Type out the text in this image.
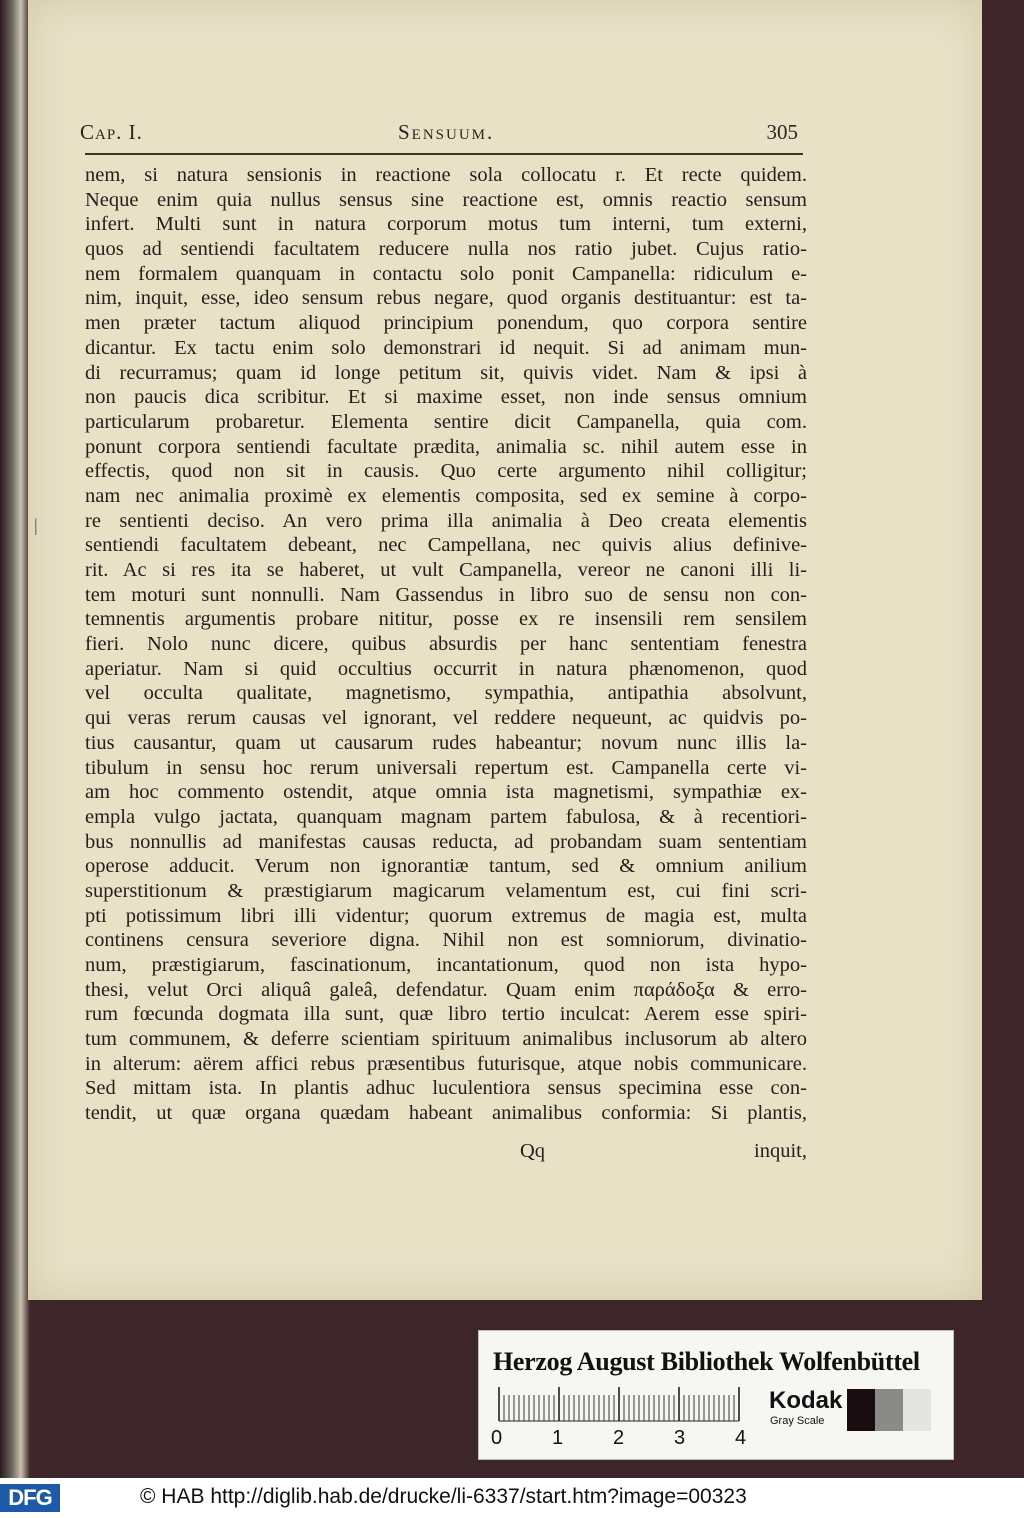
Cap. I.	Sensuum.	305
nem, si natura sensionis in reactione sola collocatu r. Et recte quidem.
Neque enim quia nullus sensus sine reactione est, omnis reactio sensum
infert. Multi sunt in natura corporum motus tum interni, tum externi,
quos ad sentiendi facultatem reducere nulla nos ratio jubet. Cujus ratio-
nem formalem quanquam in contactu solo ponit Campanella: ridiculum e-
nim, inquit, esse, ideo sensum rebus negare, quod organis destituantur: est ta-
men præter tactum aliquod principium ponendum, quo corpora sentire
dicantur. Ex tactu enim solo demonstrari id nequit. Si ad animam mun-
di recurramus; quam id longe petitum sit, quivis videt. Nam & ipsi à
non paucis dica scribitur. Et si maxime esset, non inde sensus omnium
particularum probaretur. Elementa sentire dicit Campanella, quia com.
ponunt corpora sentiendi facultate prædita, animalia sc. nihil autem esse in
effectis, quod non sit in causis. Quo certe argumento nihil colligitur;
nam nec animalia proximè ex elementis composita, sed ex semine à corpo-
re sentienti deciso. An vero prima illa animalia à Deo creata elementis
sentiendi facultatem debeant, nec Campellana, nec quivis alius definive-
rit. Ac si res ita se haberet, ut vult Campanella, vereor ne canoni illi li-
tem moturi sunt nonnulli. Nam Gassendus in libro suo de sensu non con-
temnentis argumentis probare nititur, posse ex re insensili rem sensilem
fieri. Nolo nunc dicere, quibus absurdis per hanc sententiam fenestra
aperiatur. Nam si quid occultius occurrit in natura phænomenon, quod
vel occulta qualitate, magnetismo, sympathia, antipathia absolvunt,
qui veras rerum causas vel ignorant, vel reddere nequeunt, ac quidvis po-
tius causantur, quam ut causarum rudes habeantur; novum nunc illis la-
tibulum in sensu hoc rerum universali repertum est. Campanella certe vi-
am hoc commento ostendit, atque omnia ista magnetismi, sympathiæ ex-
empla vulgo jactata, quanquam magnam partem fabulosa, & à recentiori-
bus nonnullis ad manifestas causas reducta, ad probandam suam sententiam
operose adducit. Verum non ignorantiæ tantum, sed & omnium anilium
superstitionum & præstigiarum magicarum velamentum est, cui fini scri-
pti potissimum libri illi videntur; quorum extremus de magia est, multa
continens censura severiore digna. Nihil non est somniorum, divinatio-
num, præstigiarum, fascinationum, incantationum, quod non ista hypo-
thesi, velut Orci aliquâ galeâ, defendatur. Quam enim παράδοξα & erro-
rum fœcunda dogmata illa sunt, quæ libro tertio inculcat: Aerem esse spiri-
tum communem, & deferre scientiam spirituum animalibus inclusorum ab altero
in alterum: aërem affici rebus præsentibus futurisque, atque nobis communicare.
Sed mittam ista. In plantis adhuc luculentiora sensus specimina esse con-
tendit, ut quæ organa quædam habeant animalibus conformia: Si plantis,
|
Qq	inquit,
Herzog August Bibliothek Wolfenbüttel
0 1 2 3 4
Kodak
Gray Scale
DFG	© HAB http://diglib.hab.de/drucke/li-6337/start.htm?image=00323
